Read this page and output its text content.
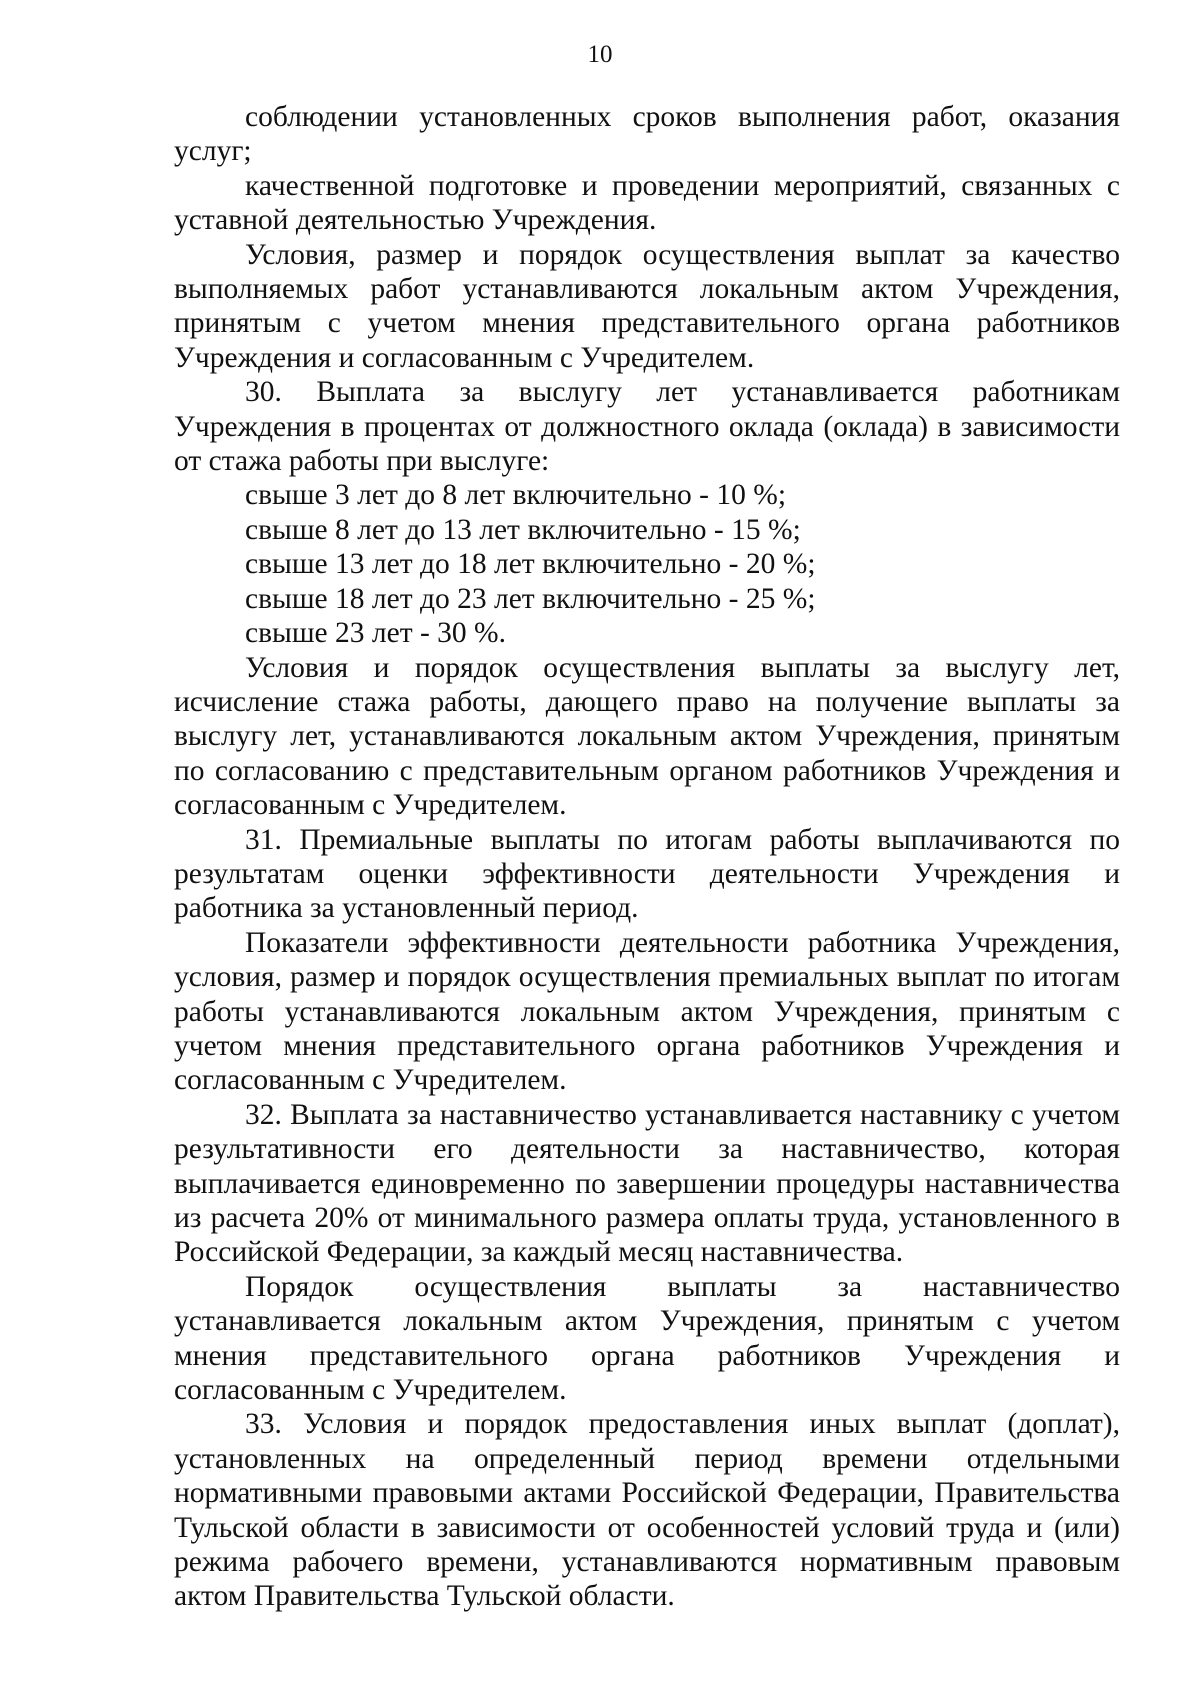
10

соблюдении установленных сроков выполнения работ, оказания услуг;

качественной подготовке и проведении мероприятий, связанных с уставной деятельностью Учреждения.

Условия, размер и порядок осуществления выплат за качество выполняемых работ устанавливаются локальным актом Учреждения, принятым с учетом мнения представительного органа работников Учреждения и согласованным с Учредителем.

30. Выплата за выслугу лет устанавливается работникам Учреждения в процентах от должностного оклада (оклада) в зависимости от стажа работы при выслуге:

свыше 3 лет до 8 лет включительно - 10 %;

свыше 8 лет до 13 лет включительно - 15 %;

свыше 13 лет до 18 лет включительно - 20 %;

свыше 18 лет до 23 лет включительно - 25 %;

свыше 23 лет - 30 %.

Условия и порядок осуществления выплаты за выслугу лет, исчисление стажа работы, дающего право на получение выплаты за выслугу лет, устанавливаются локальным актом Учреждения, принятым по согласованию с представительным органом работников Учреждения и согласованным с Учредителем.

31. Премиальные выплаты по итогам работы выплачиваются по результатам оценки эффективности деятельности Учреждения и работника за установленный период.

Показатели эффективности деятельности работника Учреждения, условия, размер и порядок осуществления премиальных выплат по итогам работы устанавливаются локальным актом Учреждения, принятым с учетом мнения представительного органа работников Учреждения и согласованным с Учредителем.

32. Выплата за наставничество устанавливается наставнику с учетом результативности его деятельности за наставничество, которая выплачивается единовременно по завершении процедуры наставничества из расчета 20% от минимального размера оплаты труда, установленного в Российской Федерации, за каждый месяц наставничества.

Порядок осуществления выплаты за наставничество устанавливается локальным актом Учреждения, принятым с учетом мнения представительного органа работников Учреждения и согласованным с Учредителем.

33. Условия и порядок предоставления иных выплат (доплат), установленных на определенный период времени отдельными нормативными правовыми актами Российской Федерации, Правительства Тульской области в зависимости от особенностей условий труда и (или) режима рабочего времени, устанавливаются нормативным правовым актом Правительства Тульской области.
